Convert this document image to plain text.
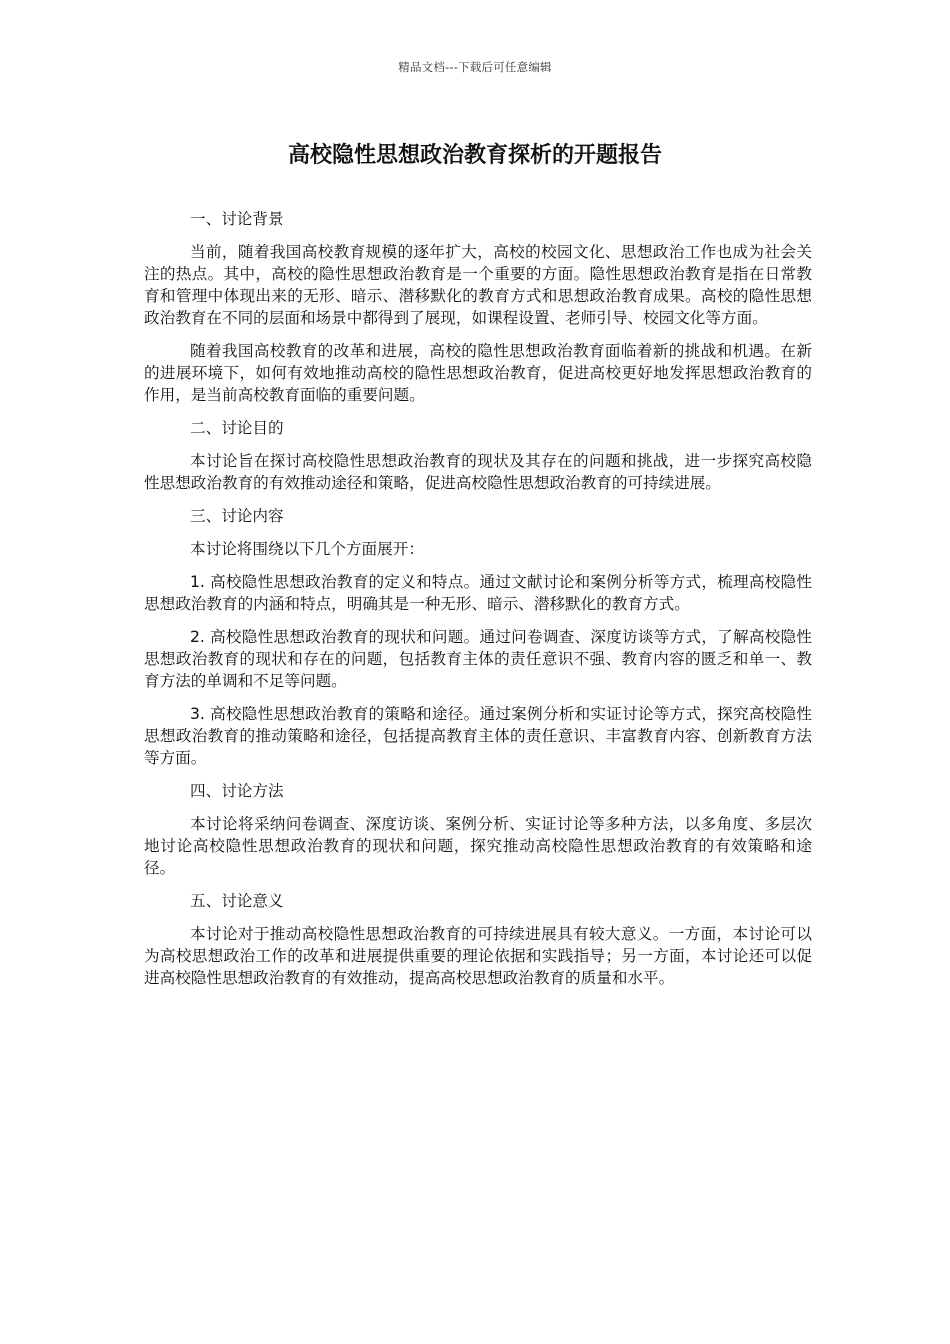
精品文档---下载后可任意编辑
高校隐性思想政治教育探析的开题报告
一、讨论背景

当前，随着我国高校教育规模的逐年扩大，高校的校园文化、思想政治工作也成为社会关注的热点。其中，高校的隐性思想政治教育是一个重要的方面。隐性思想政治教育是指在日常教育和管理中体现出来的无形、暗示、潜移默化的教育方式和思想政治教育成果。高校的隐性思想政治教育在不同的层面和场景中都得到了展现，如课程设置、老师引导、校园文化等方面。

随着我国高校教育的改革和进展，高校的隐性思想政治教育面临着新的挑战和机遇。在新的进展环境下，如何有效地推动高校的隐性思想政治教育，促进高校更好地发挥思想政治教育的作用，是当前高校教育面临的重要问题。

二、讨论目的

本讨论旨在探讨高校隐性思想政治教育的现状及其存在的问题和挑战，进一步探究高校隐性思想政治教育的有效推动途径和策略，促进高校隐性思想政治教育的可持续进展。

三、讨论内容

本讨论将围绕以下几个方面展开：

1. 高校隐性思想政治教育的定义和特点。通过文献讨论和案例分析等方式，梳理高校隐性思想政治教育的内涵和特点，明确其是一种无形、暗示、潜移默化的教育方式。

2. 高校隐性思想政治教育的现状和问题。通过问卷调查、深度访谈等方式，了解高校隐性思想政治教育的现状和存在的问题，包括教育主体的责任意识不强、教育内容的匮乏和单一、教育方法的单调和不足等问题。

3. 高校隐性思想政治教育的策略和途径。通过案例分析和实证讨论等方式，探究高校隐性思想政治教育的推动策略和途径，包括提高教育主体的责任意识、丰富教育内容、创新教育方法等方面。

四、讨论方法

本讨论将采纳问卷调查、深度访谈、案例分析、实证讨论等多种方法，以多角度、多层次地讨论高校隐性思想政治教育的现状和问题，探究推动高校隐性思想政治教育的有效策略和途径。

五、讨论意义

本讨论对于推动高校隐性思想政治教育的可持续进展具有较大意义。一方面，本讨论可以为高校思想政治工作的改革和进展提供重要的理论依据和实践指导；另一方面，本讨论还可以促进高校隐性思想政治教育的有效推动，提高高校思想政治教育的质量和水平。
